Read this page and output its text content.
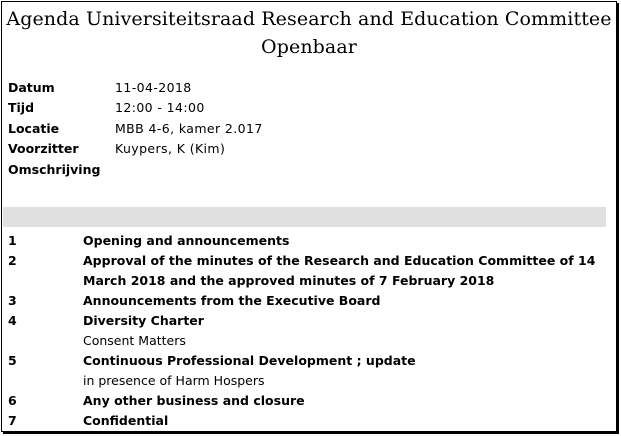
Agenda Universiteitsraad Research and Education Committee
Openbaar
Datum	11-04-2018
Tijd	12:00 - 14:00
Locatie	MBB 4-6, kamer 2.017
Voorzitter	Kuypers, K (Kim)
Omschrijving
1	Opening and announcements
2	Approval of the minutes of the Research and Education Committee of 14 March 2018 and the approved minutes of 7 February 2018
3	Announcements from the Executive Board
4	Diversity Charter
Consent Matters
5	Continuous Professional Development ; update
in presence of Harm Hospers
6	Any other business and closure
7	Confidential
